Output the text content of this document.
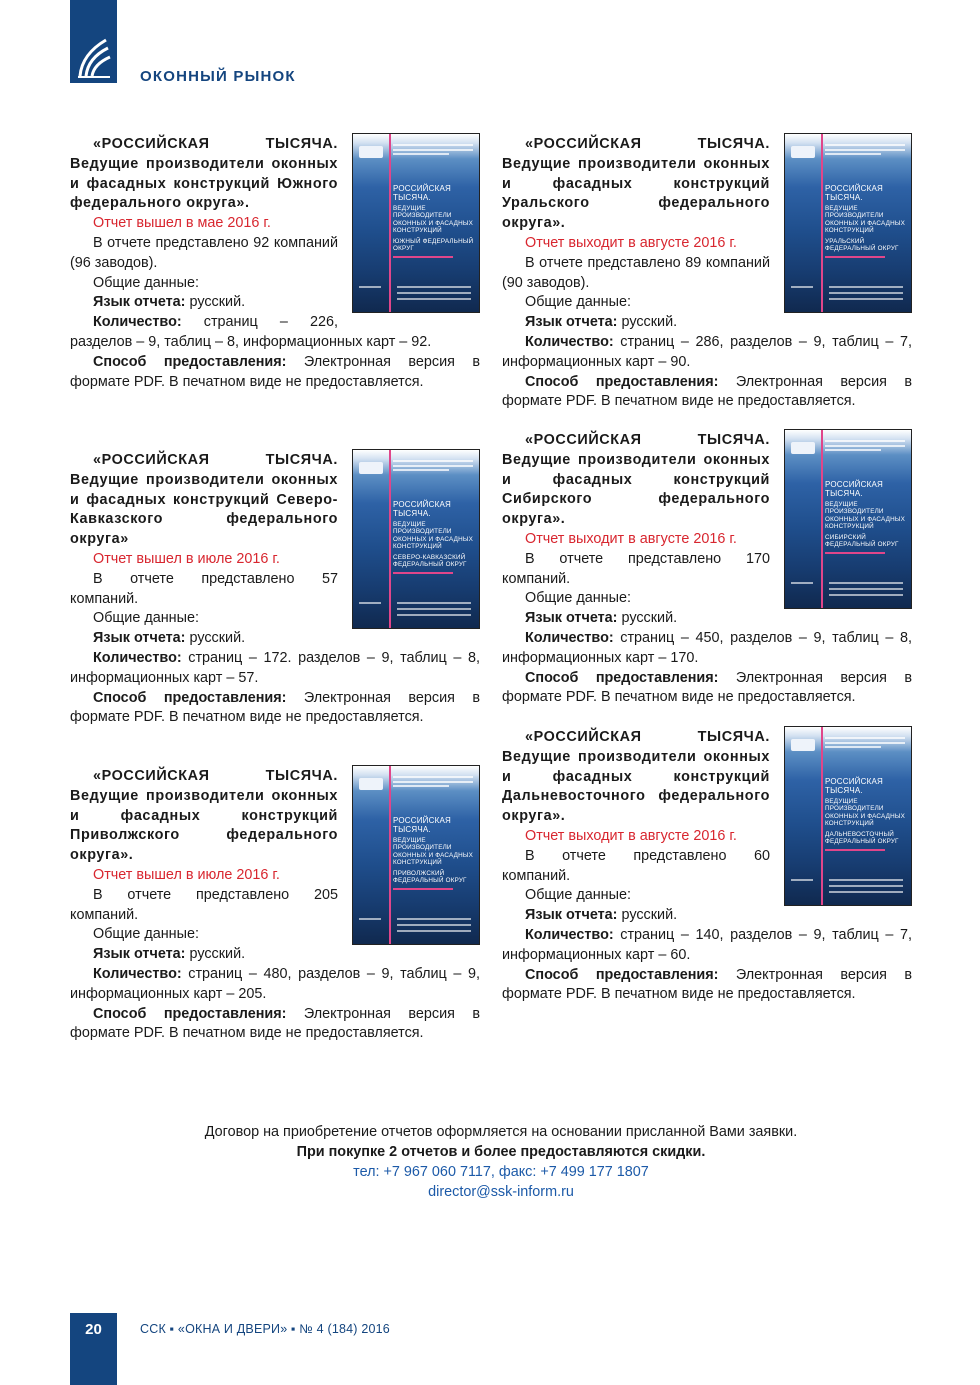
ОКОННЫЙ РЫНОК
РОССИЙСКАЯ ТЫСЯЧА.
ВЕДУЩИЕ ПРОИЗВОДИТЕЛИ ОКОННЫХ И ФАСАДНЫХ КОНСТРУКЦИЙ
ЮЖНЫЙ ФЕДЕРАЛЬНЫЙ ОКРУГ

«РОССИЙСКАЯ ТЫСЯЧА. Ведущие производители оконных и фасадных конструкций Южного федерального округа».

Отчет вышел в мае 2016 г.

В отчете представлено 92 компаний (96 заводов).

Общие данные:

Язык отчета: русский.

Количество: страниц – 226, разделов – 9, таблиц – 8, информационных карт – 92.

Способ предоставления: Электронная версия в формате PDF. В печатном виде не предоставляется.

РОССИЙСКАЯ ТЫСЯЧА.
ВЕДУЩИЕ ПРОИЗВОДИТЕЛИ ОКОННЫХ И ФАСАДНЫХ КОНСТРУКЦИЙ
СЕВЕРО-КАВКАЗСКИЙ ФЕДЕРАЛЬНЫЙ ОКРУГ

«РОССИЙСКАЯ ТЫСЯЧА. Ведущие производители оконных и фасадных конструкций Северо-Кавказского федерального округа»

Отчет вышел в июле 2016 г.

В отчете представлено 57 компаний.

Общие данные:

Язык отчета: русский.

Количество: страниц – 172. разделов – 9, таблиц – 8, информационных карт – 57.

Способ предоставления: Электронная версия в формате PDF. В печатном виде не предоставляется.

РОССИЙСКАЯ ТЫСЯЧА.
ВЕДУЩИЕ ПРОИЗВОДИТЕЛИ ОКОННЫХ И ФАСАДНЫХ КОНСТРУКЦИЙ
ПРИВОЛЖСКИЙ ФЕДЕРАЛЬНЫЙ ОКРУГ

«РОССИЙСКАЯ ТЫСЯЧА. Ведущие производители оконных и фасадных конструкций Приволжского федерального округа».

Отчет вышел в июле 2016 г.

В отчете представлено 205 компаний.

Общие данные:

Язык отчета: русский.

Количество: страниц – 480, разделов – 9, таблиц – 9, информационных карт – 205.

Способ предоставления: Электронная версия в формате PDF. В печатном виде не предоставляется.

РОССИЙСКАЯ ТЫСЯЧА.
ВЕДУЩИЕ ПРОИЗВОДИТЕЛИ ОКОННЫХ И ФАСАДНЫХ КОНСТРУКЦИЙ
УРАЛЬСКИЙ ФЕДЕРАЛЬНЫЙ ОКРУГ

«РОССИЙСКАЯ ТЫСЯЧА. Ведущие производители оконных и фасадных конструкций Уральского федерального округа».

Отчет выходит в августе 2016 г.

В отчете представлено 89 компаний (90 заводов).

Общие данные:

Язык отчета: русский.

Количество: страниц – 286, разделов – 9, таблиц – 7, информационных карт – 90.

Способ предоставления: Электронная версия в формате PDF. В печатном виде не предоставляется.

РОССИЙСКАЯ ТЫСЯЧА.
ВЕДУЩИЕ ПРОИЗВОДИТЕЛИ ОКОННЫХ И ФАСАДНЫХ КОНСТРУКЦИЙ
СИБИРСКИЙ ФЕДЕРАЛЬНЫЙ ОКРУГ

«РОССИЙСКАЯ ТЫСЯЧА. Ведущие производители оконных и фасадных конструкций Сибирского федерального округа».

Отчет выходит в августе 2016 г.

В отчете представлено 170 компаний.

Общие данные:

Язык отчета: русский.

Количество: страниц – 450, разделов – 9, таблиц – 8, информационных карт – 170.

Способ предоставления: Электронная версия в формате PDF. В печатном виде не предоставляется.

РОССИЙСКАЯ ТЫСЯЧА.
ВЕДУЩИЕ ПРОИЗВОДИТЕЛИ ОКОННЫХ И ФАСАДНЫХ КОНСТРУКЦИЙ
ДАЛЬНЕВОСТОЧНЫЙ ФЕДЕРАЛЬНЫЙ ОКРУГ

«РОССИЙСКАЯ ТЫСЯЧА. Ведущие производители оконных и фасадных конструкций Дальневосточного федерального округа».

Отчет выходит в августе 2016 г.

В отчете представлено 60 компаний.

Общие данные:

Язык отчета: русский.

Количество: страниц – 140, разделов – 9, таблиц – 7, информационных карт – 60.

Способ предоставления: Электронная версия в формате PDF. В печатном виде не предоставляется.

Договор на приобретение отчетов оформляется на основании присланной Вами заявки.
При покупке 2 отчетов и более предоставляются скидки.
тел: +7 967 060 7117, факс: +7 499 177 1807
director@ssk-inform.ru
20	ССК ▪ «ОКНА И ДВЕРИ» ▪ № 4 (184) 2016
